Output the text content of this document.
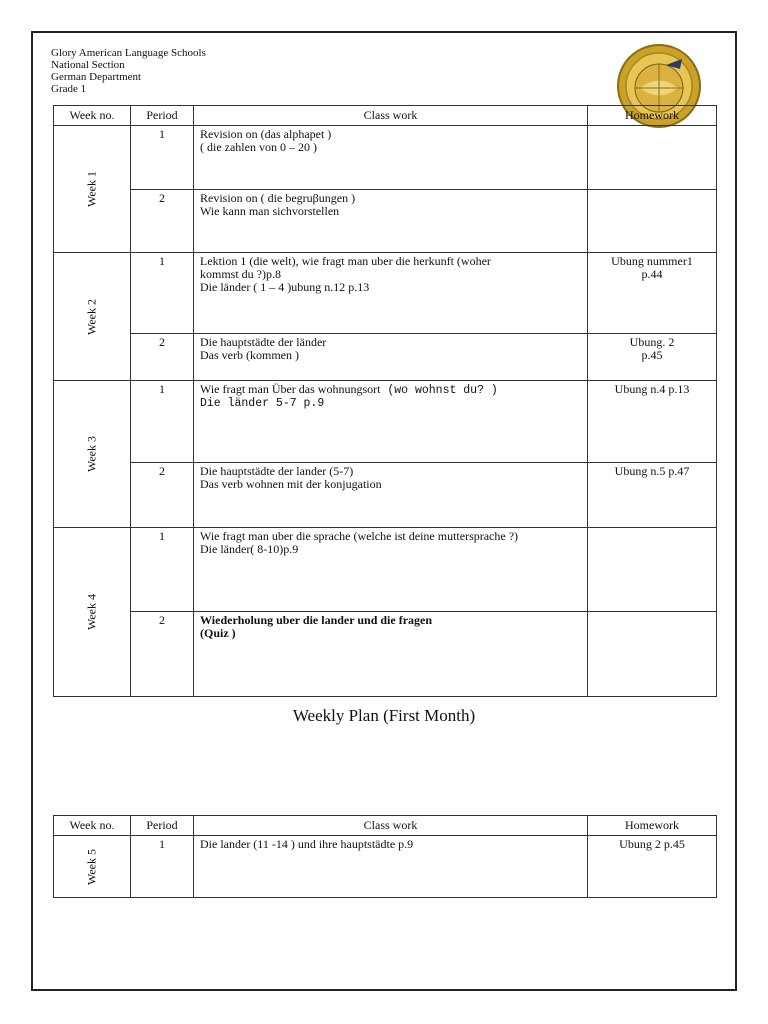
Glory American Language Schools
National Section
German Department
Grade 1
Week no.	Period	Class work	Homework

Week 1	1	Revision on (das alphapet )
( die zahlen von 0 – 20 )	

	2	Revision on ( die begruβungen )
Wie kann man sichvorstellen	

Week 2	1	Lektion 1 (die welt), wie fragt man uber die herkunft (woher
kommst du ?)p.8
Die länder ( 1 – 4 )ubung n.12 p.13	Ubung nummer1
p.44

	2	Die hauptstädte der länder
Das verb (kommen )	Ubung. 2
p.45

Week 3	1	Wie fragt man Über das wohnungsort (wo wohnst du? )
Die länder 5-7 p.9	Ubung n.4 p.13

	2	Die hauptstädte der lander (5-7)
Das verb wohnen mit der konjugation	Ubung n.5 p.47

Week 4	1	Wie fragt man uber die sprache (welche ist deine muttersprache ?)
Die länder( 8-10)p.9	

	2	Wiederholung uber die lander und die fragen
(Quiz )	

Weekly Plan (First Month)
Week no.	Period	Class work	Homework

Week 5	1	Die lander (11 -14 ) und ihre hauptstädte p.9	Ubung 2 p.45
